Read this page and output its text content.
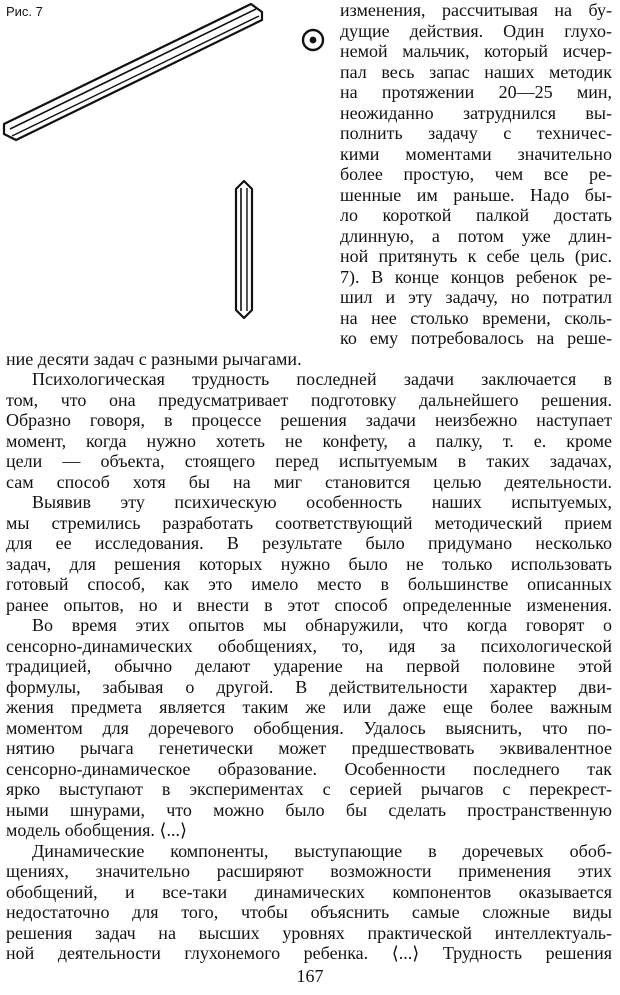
Рис. 7	изменения, рассчитывая на бу-

дущие действия. Один глухо-

немой мальчик, который исчер-

пал весь запас наших методик

на протяжении 20—25 мин,

неожиданно затруднился вы-

полнить задачу с техничес-

кими моментами значительно

более простую, чем все ре-

шенные им раньше. Надо бы-

ло короткой палкой достать

длинную, а потом уже длин-

ной притянуть к себе цель (рис.

7). В конце концов ребенок ре-

шил и эту задачу, но потратил

на нее столько времени, сколь-

ко ему потребовалось на реше-

ние десяти задач с разными рычагами.

Психологическая трудность последней задачи заключается в

том, что она предусматривает подготовку дальнейшего решения.

Образно говоря, в процессе решения задачи неизбежно наступает

момент, когда нужно хотеть не конфету, а палку, т. е. кроме

цели — объекта, стоящего перед испытуемым в таких задачах,

сам способ хотя бы на миг становится целью деятельности.

Выявив эту психическую особенность наших испытуемых,

мы стремились разработать соответствующий методический прием

для ее исследования. В результате было придумано несколько

задач, для решения которых нужно было не только использовать

готовый способ, как это имело место в большинстве описанных

ранее опытов, но и внести в этот способ определенные изменения.

Во время этих опытов мы обнаружили, что когда говорят о

сенсорно-динамических обобщениях, то, идя за психологической

традицией, обычно делают ударение на первой половине этой

формулы, забывая о другой. В действительности характер дви-

жения предмета является таким же или даже еще более важным

моментом для доречевого обобщения. Удалось выяснить, что по-

нятию рычага генетически может предшествовать эквивалентное

сенсорно-динамическое образование. Особенности последнего так

ярко выступают в экспериментах с серией рычагов с перекрест-

ными шнурами, что можно было бы сделать пространственную

модель обобщения. ⟨...⟩

Динамические компоненты, выступающие в доречевых обоб-

щениях, значительно расширяют возможности применения этих

обобщений, и все-таки динамических компонентов оказывается

недостаточно для того, чтобы объяснить самые сложные виды

решения задач на высших уровнях практической интеллектуаль-

ной деятельности глухонемого ребенка. ⟨...⟩ Трудность решения

167
